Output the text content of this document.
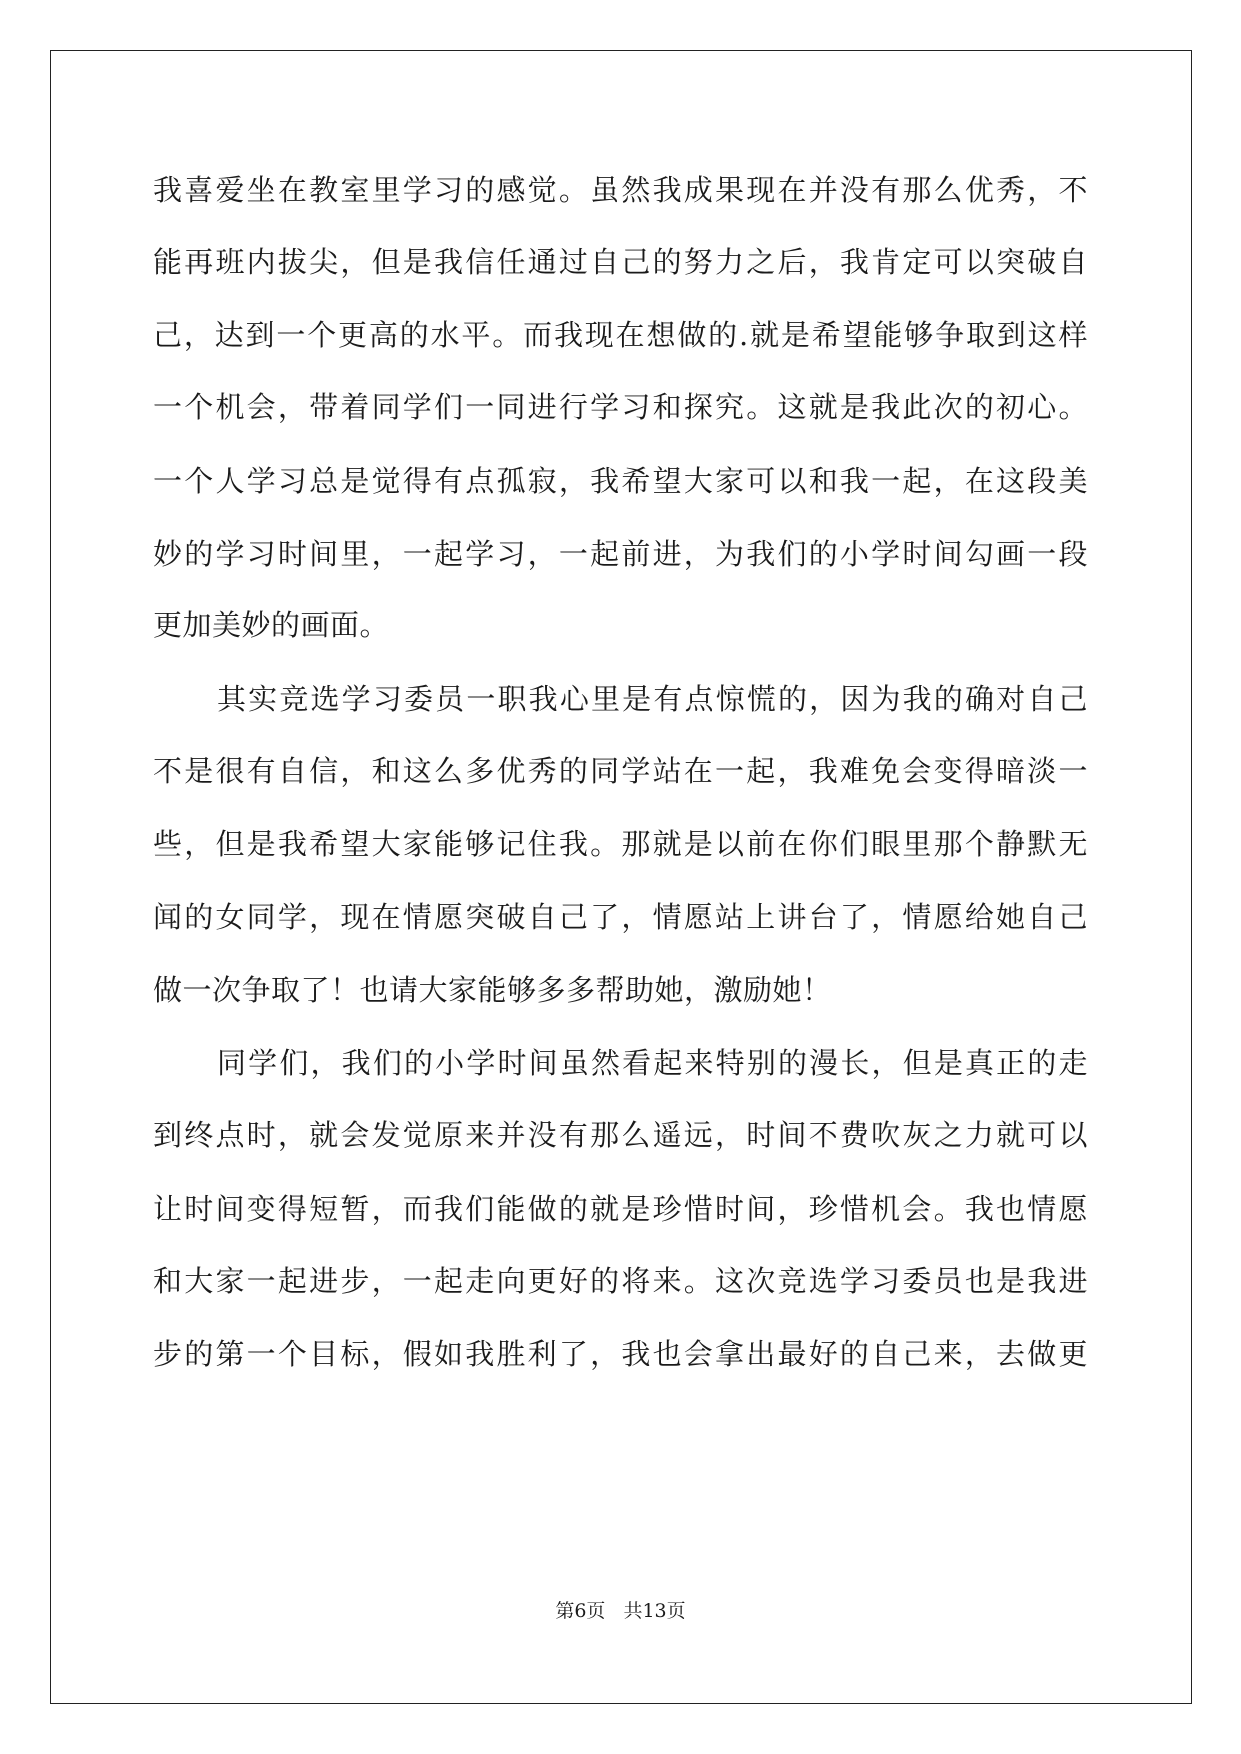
我喜爱坐在教室里学习的感觉。虽然我成果现在并没有那么优秀，不
能再班内拔尖，但是我信任通过自己的努力之后，我肯定可以突破自
己，达到一个更高的水平。而我现在想做的.就是希望能够争取到这样
一个机会，带着同学们一同进行学习和探究。这就是我此次的初心。
一个人学习总是觉得有点孤寂，我希望大家可以和我一起，在这段美
妙的学习时间里，一起学习，一起前进，为我们的小学时间勾画一段
更加美妙的画面。
其实竞选学习委员一职我心里是有点惊慌的，因为我的确对自己
不是很有自信，和这么多优秀的同学站在一起，我难免会变得暗淡一
些，但是我希望大家能够记住我。那就是以前在你们眼里那个静默无
闻的女同学，现在情愿突破自己了，情愿站上讲台了，情愿给她自己
做一次争取了！也请大家能够多多帮助她，激励她！
同学们，我们的小学时间虽然看起来特别的漫长，但是真正的走
到终点时，就会发觉原来并没有那么遥远，时间不费吹灰之力就可以
让时间变得短暂，而我们能做的就是珍惜时间，珍惜机会。我也情愿
和大家一起进步，一起走向更好的将来。这次竞选学习委员也是我进
步的第一个目标，假如我胜利了，我也会拿出最好的自己来，去做更
第6页 共13页
